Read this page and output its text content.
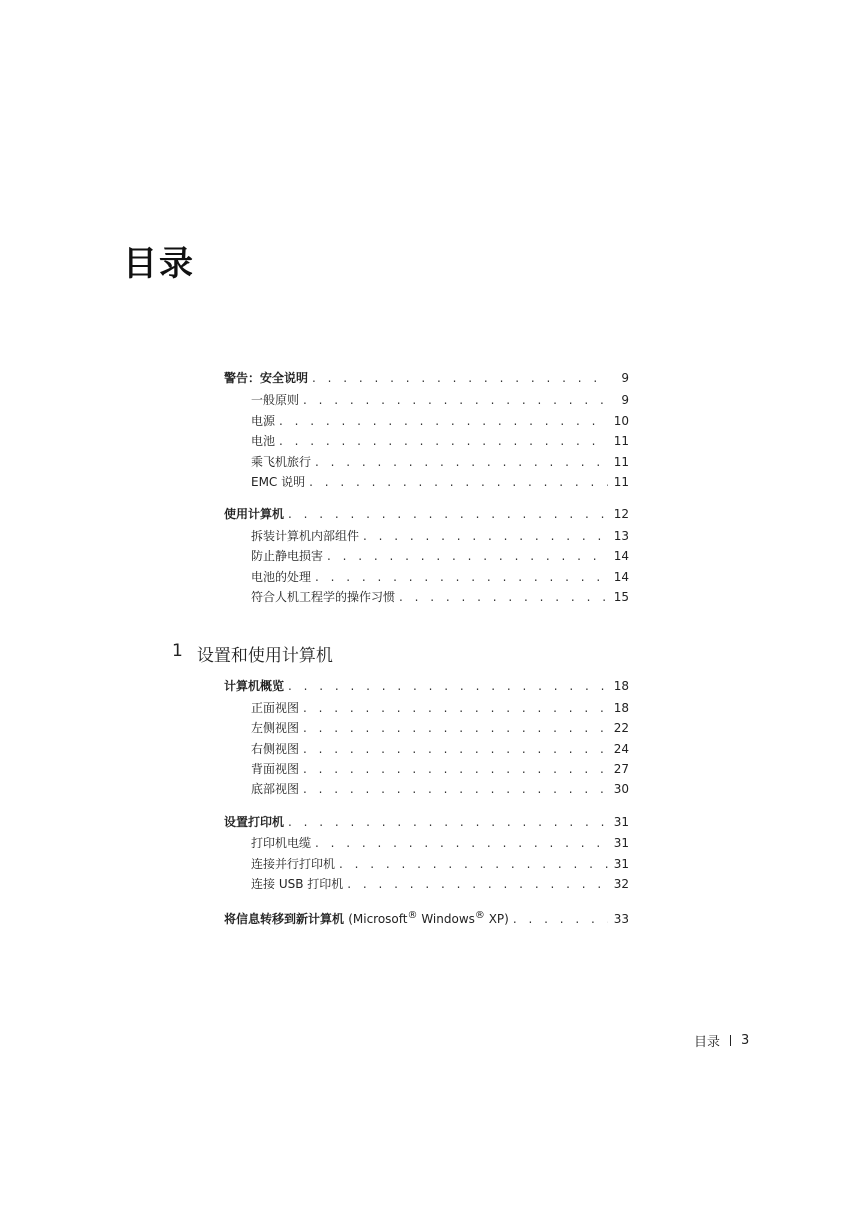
目录
警告：安全说明 . . .	9
一般原则 . . .	9
电源 . . .	10
电池 . . .	11
乘飞机旅行 . . .	11
EMC 说明 . . .	11
使用计算机 . . .	12
拆装计算机内部组件 . . .	13
防止静电损害 . . .	14
电池的处理 . . .	14
符合人机工程学的操作习惯 . . .	15
1 设置和使用计算机
计算机概览 . . .	18
正面视图 . . .	18
左侧视图 . . .	22
右侧视图 . . .	24
背面视图 . . .	27
底部视图 . . .	30
设置打印机 . . .	31
打印机电缆 . . .	31
连接并行打印机 . . .	31
连接 USB 打印机 . . .	32
将信息转移到新计算机 (Microsoft® Windows® XP) . . .	33
目录 3
